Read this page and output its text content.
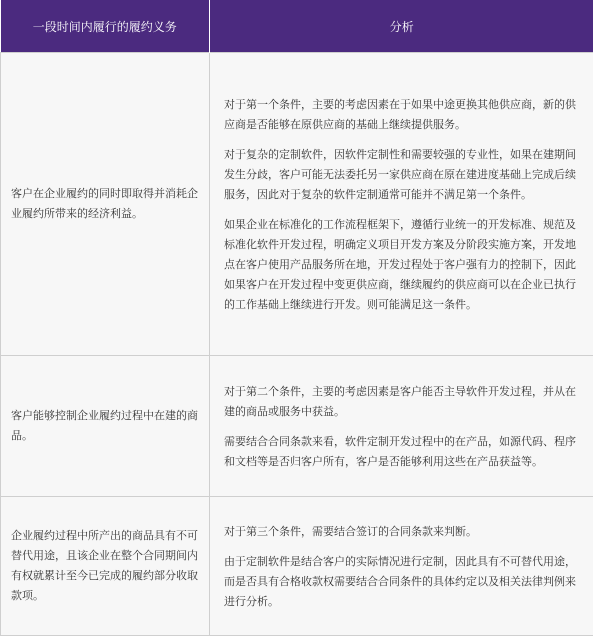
一段时间内履行的履约义务	分析
客户在企业履约的同时即取得并消耗企业履约所带来的经济利益。	对于第一个条件，主要的考虑因素在于如果中途更换其他供应商，新的供应商是否能够在原供应商的基础上继续提供服务。

对于复杂的定制软件，因软件定制性和需要较强的专业性，如果在建期间发生分歧，客户可能无法委托另一家供应商在原在建进度基础上完成后续服务，因此对于复杂的软件定制通常可能并不满足第一个条件。

如果企业在标准化的工作流程框架下，遵循行业统一的开发标准、规范及标准化软件开发过程，明确定义项目开发方案及分阶段实施方案，开发地点在客户使用产品服务所在地，开发过程处于客户强有力的控制下，因此如果客户在开发过程中变更供应商，继续履约的供应商可以在企业已执行的工作基础上继续进行开发。则可能满足这一条件。

客户能够控制企业履约过程中在建的商品。	对于第二个条件，主要的考虑因素是客户能否主导软件开发过程，并从在建的商品或服务中获益。

需要结合合同条款来看，软件定制开发过程中的在产品，如源代码、程序和文档等是否归客户所有，客户是否能够利用这些在产品获益等。

企业履约过程中所产出的商品具有不可替代用途，且该企业在整个合同期间内有权就累计至今已完成的履约部分收取款项。	对于第三个条件，需要结合签订的合同条款来判断。

由于定制软件是结合客户的实际情况进行定制，因此具有不可替代用途，而是否具有合格收款权需要结合合同条件的具体约定以及相关法律判例来进行分析。
